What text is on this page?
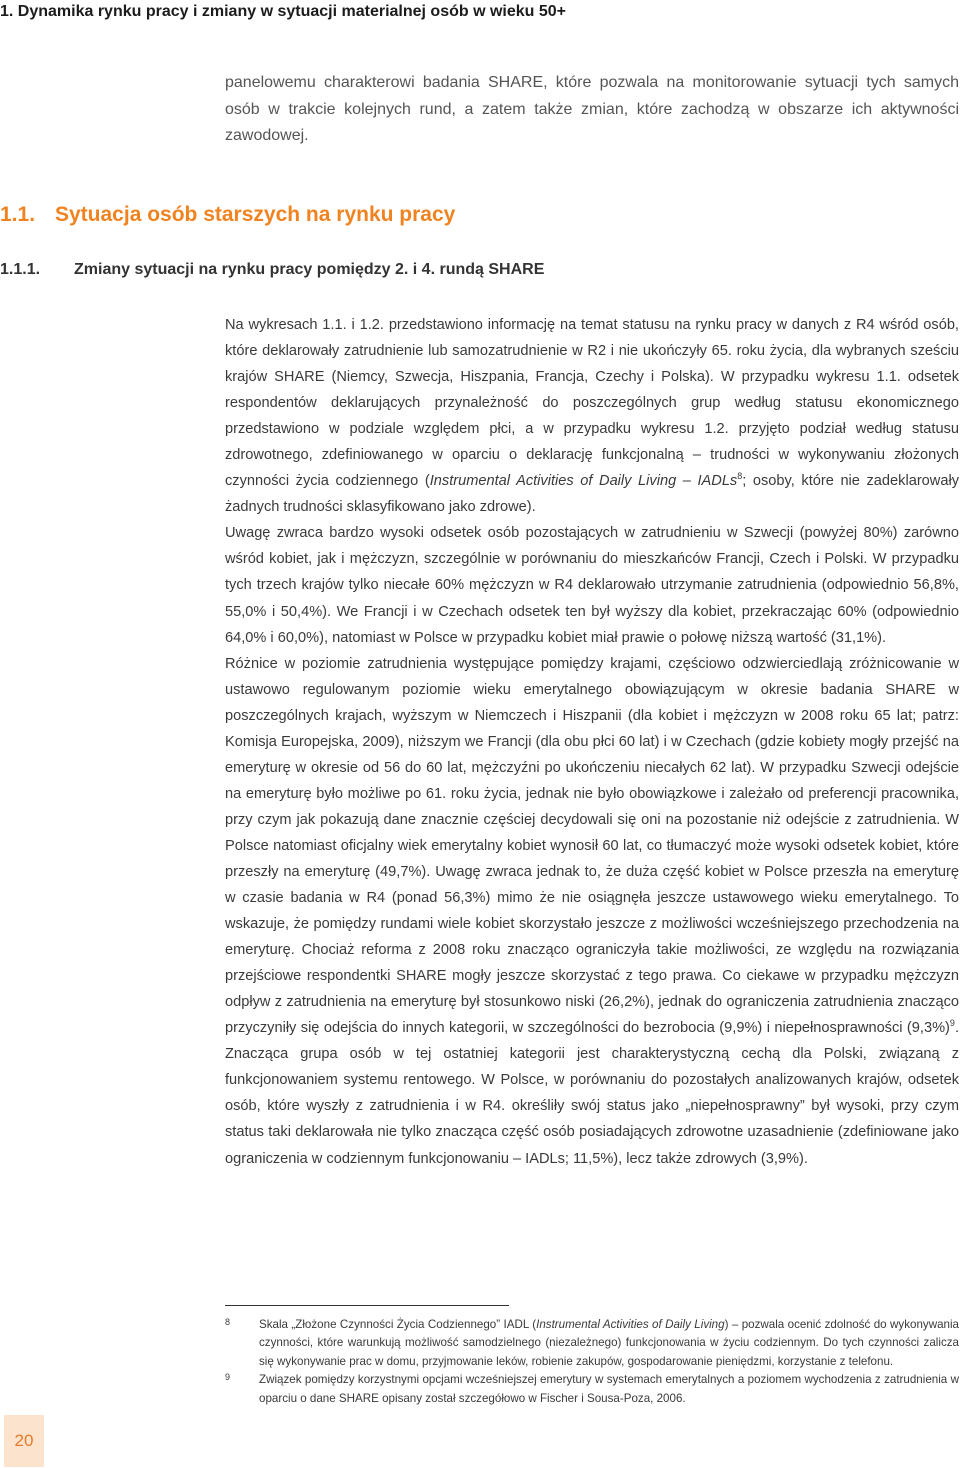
1. Dynamika rynku pracy i zmiany w sytuacji materialnej osób w wieku 50+

panelowemu charakterowi badania SHARE, które pozwala na monitorowanie sytuacji tych samych osób w trakcie kolejnych rund, a zatem także zmian, które zachodzą w obszarze ich aktywności zawodowej.

1.1. Sytuacja osób starszych na rynku pracy
1.1.1. Zmiany sytuacji na rynku pracy pomiędzy 2. i 4. rundą SHARE

Na wykresach 1.1. i 1.2. przedstawiono informację na temat statusu na rynku pracy w danych z R4 wśród osób, które deklarowały zatrudnienie lub samozatrudnienie w R2 i nie ukończyły 65. roku życia, dla wybranych sześciu krajów SHARE (Niemcy, Szwecja, Hiszpania, Francja, Czechy i Polska). W przypadku wykresu 1.1. odsetek respondentów deklarujących przynależność do poszczególnych grup według statusu ekonomicznego przedstawiono w podziale względem płci, a w przypadku wykresu 1.2. przyjęto podział według statusu zdrowotnego, zdefiniowanego w oparciu o deklarację funkcjonalną – trudności w wykonywaniu złożonych czynności życia codziennego (Instrumental Activities of Daily Living – IADLs$^8$; osoby, które nie zadeklarowały żadnych trudności sklasyfikowano jako zdrowe).

Uwagę zwraca bardzo wysoki odsetek osób pozostających w zatrudnieniu w Szwecji (powyżej 80%) zarówno wśród kobiet, jak i mężczyzn, szczególnie w porównaniu do mieszkańców Francji, Czech i Polski. W przypadku tych trzech krajów tylko niecałe 60% mężczyzn w R4 deklarowało utrzymanie zatrudnienia (odpowiednio 56,8%, 55,0% i 50,4%). We Francji i w Czechach odsetek ten był wyższy dla kobiet, przekraczając 60% (odpowiednio 64,0% i 60,0%), natomiast w Polsce w przypadku kobiet miał prawie o połowę niższą wartość (31,1%).

Różnice w poziomie zatrudnienia występujące pomiędzy krajami, częściowo odzwierciedlają zróżnicowanie w ustawowo regulowanym poziomie wieku emerytalnego obowiązującym w okresie badania SHARE w poszczególnych krajach, wyższym w Niemczech i Hiszpanii (dla kobiet i mężczyzn w 2008 roku 65 lat; patrz: Komisja Europejska, 2009), niższym we Francji (dla obu płci 60 lat) i w Czechach (gdzie kobiety mogły przejść na emeryturę w okresie od 56 do 60 lat, mężczyźni po ukończeniu niecałych 62 lat). W przypadku Szwecji odejście na emeryturę było możliwe po 61. roku życia, jednak nie było obowiązkowe i zależało od preferencji pracownika, przy czym jak pokazują dane znacznie częściej decydowali się oni na pozostanie niż odejście z zatrudnienia. W Polsce natomiast oficjalny wiek emerytalny kobiet wynosił 60 lat, co tłumaczyć może wysoki odsetek kobiet, które przeszły na emeryturę (49,7%). Uwagę zwraca jednak to, że duża część kobiet w Polsce przeszła na emeryturę w czasie badania w R4 (ponad 56,3%) mimo że nie osiągnęła jeszcze ustawowego wieku emerytalnego. To wskazuje, że pomiędzy rundami wiele kobiet skorzystało jeszcze z możliwości wcześniejszego przechodzenia na emeryturę. Chociaż reforma z 2008 roku znacząco ograniczyła takie możliwości, ze względu na rozwiązania przejściowe respondentki SHARE mogły jeszcze skorzystać z tego prawa. Co ciekawe w przypadku mężczyzn odpływ z zatrudnienia na emeryturę był stosunkowo niski (26,2%), jednak do ograniczenia zatrudnienia znacząco przyczyniły się odejścia do innych kategorii, w szczególności do bezrobocia (9,9%) i niepełnosprawności $(9,3\%)^9$. Znacząca grupa osób w tej ostatniej kategorii jest charakterystyczną cechą dla Polski, związaną z funkcjonowaniem systemu rentowego. W Polsce, w porównaniu do pozostałych analizowanych krajów, odsetek osób, które wyszły z zatrudnienia i w R4. określiły swój status jako „niepełnosprawny” był wysoki, przy czym status taki deklarowała nie tylko znacząca część osób posiadających zdrowotne uzasadnienie (zdefiniowane jako ograniczenia w codziennym funkcjonowaniu – IADLs; 11,5%), lecz także zdrowych (3,9%).

8 Skala „Złożone Czynności Życia Codziennego” IADL (Instrumental Activities of Daily Living) – pozwala ocenić zdolność do wykonywania czynności, które warunkują możliwość samodzielnego (niezależnego) funkcjonowania w życiu codziennym. Do tych czynności zalicza się wykonywanie prac w domu, przyjmowanie leków, robienie zakupów, gospodarowanie pieniędzmi, korzystanie z telefonu.

9 Związek pomiędzy korzystnymi opcjami wcześniejszej emerytury w systemach emerytalnych a poziomem wychodzenia z zatrudnienia w oparciu o dane SHARE opisany został szczegółowo w Fischer i Sousa-Poza, 2006.

20
